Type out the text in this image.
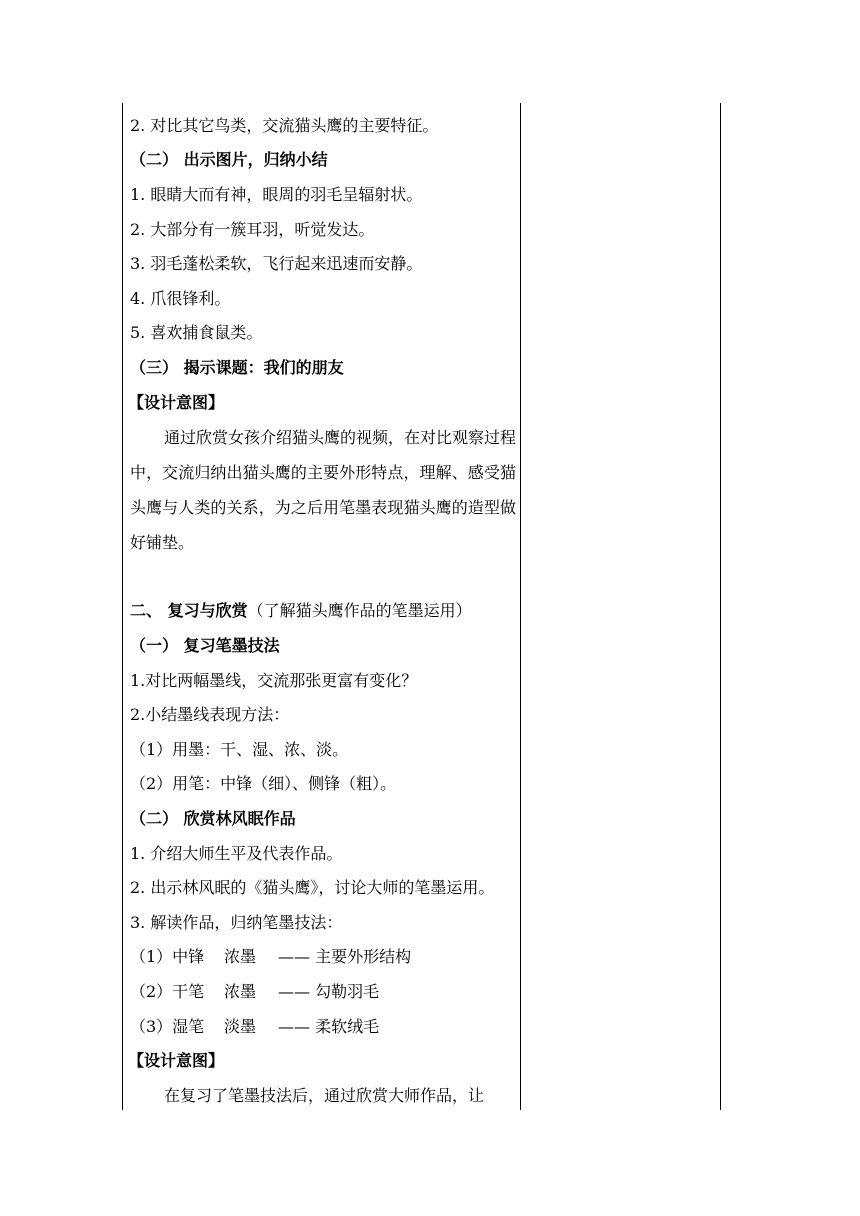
2. 对比其它鸟类，交流猫头鹰的主要特征。
（二） 出示图片，归纳小结
1. 眼睛大而有神，眼周的羽毛呈辐射状。
2. 大部分有一簇耳羽，听觉发达。
3. 羽毛蓬松柔软，飞行起来迅速而安静。
4. 爪很锋利。
5. 喜欢捕食鼠类。
（三） 揭示课题：我们的朋友
【设计意图】
通过欣赏女孩介绍猫头鹰的视频，在对比观察过程中，交流归纳出猫头鹰的主要外形特点，理解、感受猫头鹰与人类的关系，为之后用笔墨表现猫头鹰的造型做好铺垫。
二、 复习与欣赏（了解猫头鹰作品的笔墨运用）
（一） 复习笔墨技法
1.对比两幅墨线，交流那张更富有变化？
2.小结墨线表现方法：
（1）用墨：干、湿、浓、淡。
（2）用笔：中锋（细）、侧锋（粗）。
（二） 欣赏林风眠作品
1. 介绍大师生平及代表作品。
2. 出示林风眠的《猫头鹰》，讨论大师的笔墨运用。
3. 解读作品，归纳笔墨技法：
（1）中锋 浓墨 —— 主要外形结构
（2）干笔 浓墨 —— 勾勒羽毛
（3）湿笔 淡墨 —— 柔软绒毛
【设计意图】
在复习了笔墨技法后，通过欣赏大师作品，让
